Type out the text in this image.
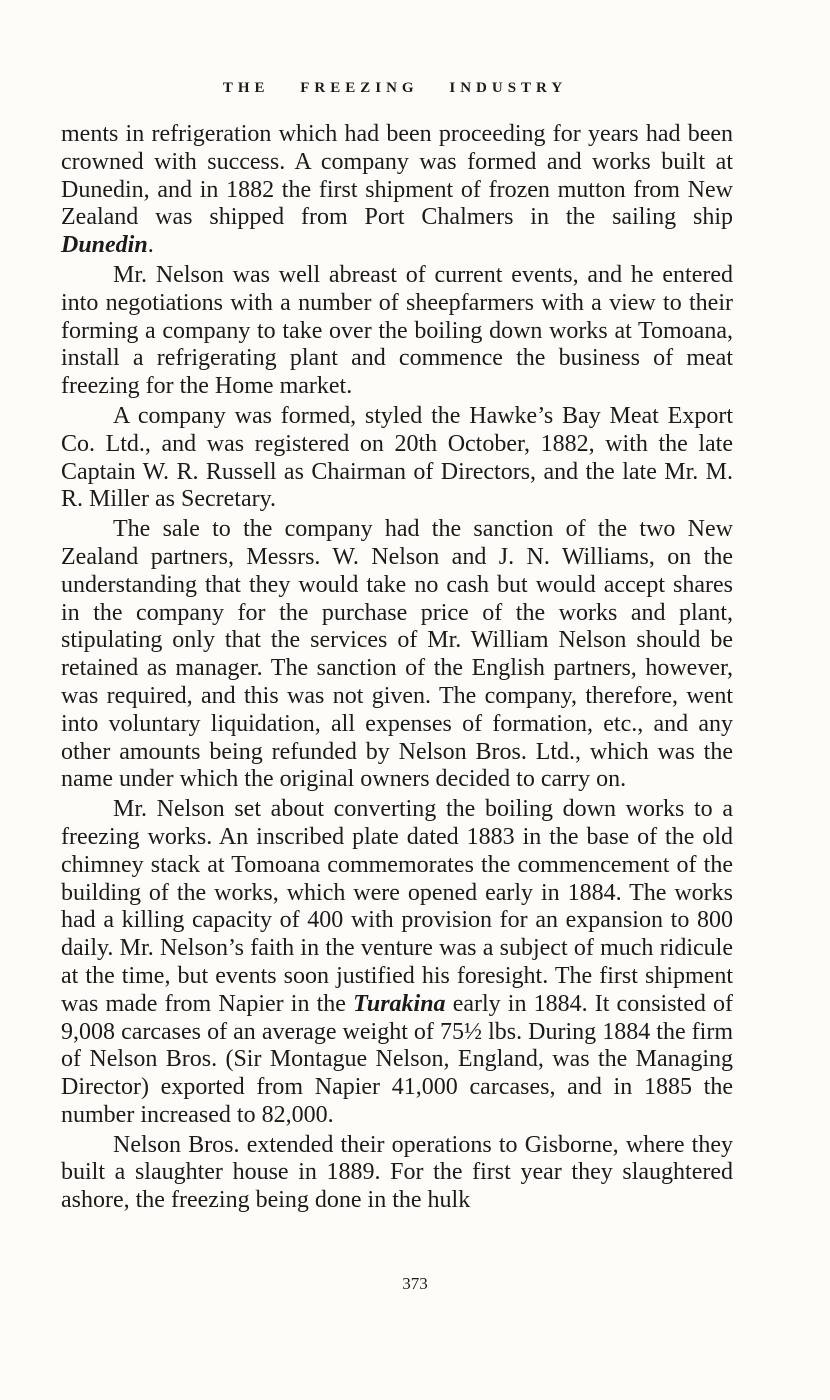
THE FREEZING INDUSTRY

ments in refrigeration which had been proceeding for years had been crowned with success. A company was formed and works built at Dunedin, and in 1882 the first shipment of frozen mutton from New Zealand was shipped from Port Chalmers in the sailing ship Dunedin.

Mr. Nelson was well abreast of current events, and he entered into negotiations with a number of sheepfarmers with a view to their forming a company to take over the boiling down works at Tomoana, install a refrigerating plant and commence the business of meat freezing for the Home market.

A company was formed, styled the Hawke’s Bay Meat Export Co. Ltd., and was registered on 20th October, 1882, with the late Captain W. R. Russell as Chairman of Directors, and the late Mr. M. R. Miller as Secretary.

The sale to the company had the sanction of the two New Zealand partners, Messrs. W. Nelson and J. N. Williams, on the understanding that they would take no cash but would accept shares in the company for the purchase price of the works and plant, stipulating only that the services of Mr. William Nelson should be retained as manager. The sanction of the English partners, however, was required, and this was not given. The company, therefore, went into voluntary liquidation, all expenses of formation, etc., and any other amounts being refunded by Nelson Bros. Ltd., which was the name under which the original owners decided to carry on.

Mr. Nelson set about converting the boiling down works to a freezing works. An inscribed plate dated 1883 in the base of the old chimney stack at Tomoana commemorates the commencement of the building of the works, which were opened early in 1884. The works had a killing capacity of 400 with provision for an expansion to 800 daily. Mr. Nelson’s faith in the venture was a subject of much ridicule at the time, but events soon justified his foresight. The first shipment was made from Napier in the Turakina early in 1884. It consisted of 9,008 carcases of an average weight of 75½ lbs. During 1884 the firm of Nelson Bros. (Sir Montague Nelson, England, was the Managing Director) exported from Napier 41,000 carcases, and in 1885 the number increased to 82,000.

Nelson Bros. extended their operations to Gisborne, where they built a slaughter house in 1889. For the first year they slaughtered ashore, the freezing being done in the hulk

373
